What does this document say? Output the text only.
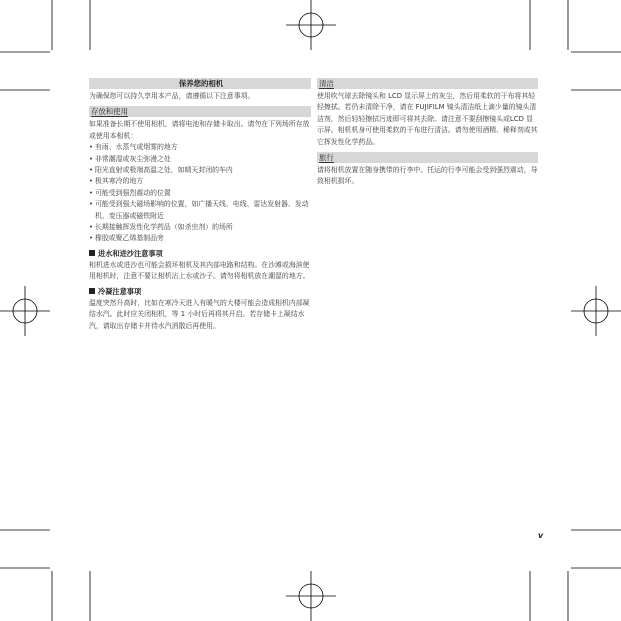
保养您的相机

为确保您可以持久享用本产品，请遵循以下注意事项。

存放和使用

如果准备长期不使用相机，请将电池和存储卡取出。请勿在下列场所存放或使用本相机：

• 有雨、水蒸气或烟雾的地方
• 非常潮湿或灰尘弥漫之处
• 阳光直射或极端高温之处，如晴天封闭的车内
• 极其寒冷的地方
• 可能受到强烈震动的位置
• 可能受到强大磁场影响的位置，如广播天线、电线、雷达发射器、发动机、变压器或磁铁附近
• 长期接触挥发性化学药品（如杀虫剂）的场所
• 橡胶或聚乙烯基制品旁
进水和进沙注意事项

相机进水或进沙也可能会损坏相机及其内部电路和结构。在沙滩或海滨使用相机时，注意不要让相机沾上水或沙子。请勿将相机放在潮湿的地方。

冷凝注意事项

温度突然升高时，比如在寒冷天进入有暖气的大楼可能会造成相机内部凝结水汽。此时应关闭相机，等 1 小时后再将其开启。若存储卡上凝结水汽，请取出存储卡并待水汽消散后再使用。

清洁

使用吹气球去除镜头和 LCD 显示屏上的灰尘，然后用柔软的干布将其轻轻擦拭。若仍未清除干净，请在 FUJIFILM 镜头清洁纸上滴少量的镜头清洁剂，然后轻轻擦拭污迹即可将其去除。请注意不要刮擦镜头或LCD 显示屏。相机机身可使用柔软的干布进行清洁。请勿使用酒精、稀释剂或其它挥发性化学药品。

旅行

请将相机放置在随身携带的行李中。托运的行李可能会受到强烈震动，导致相机损坏。

v
